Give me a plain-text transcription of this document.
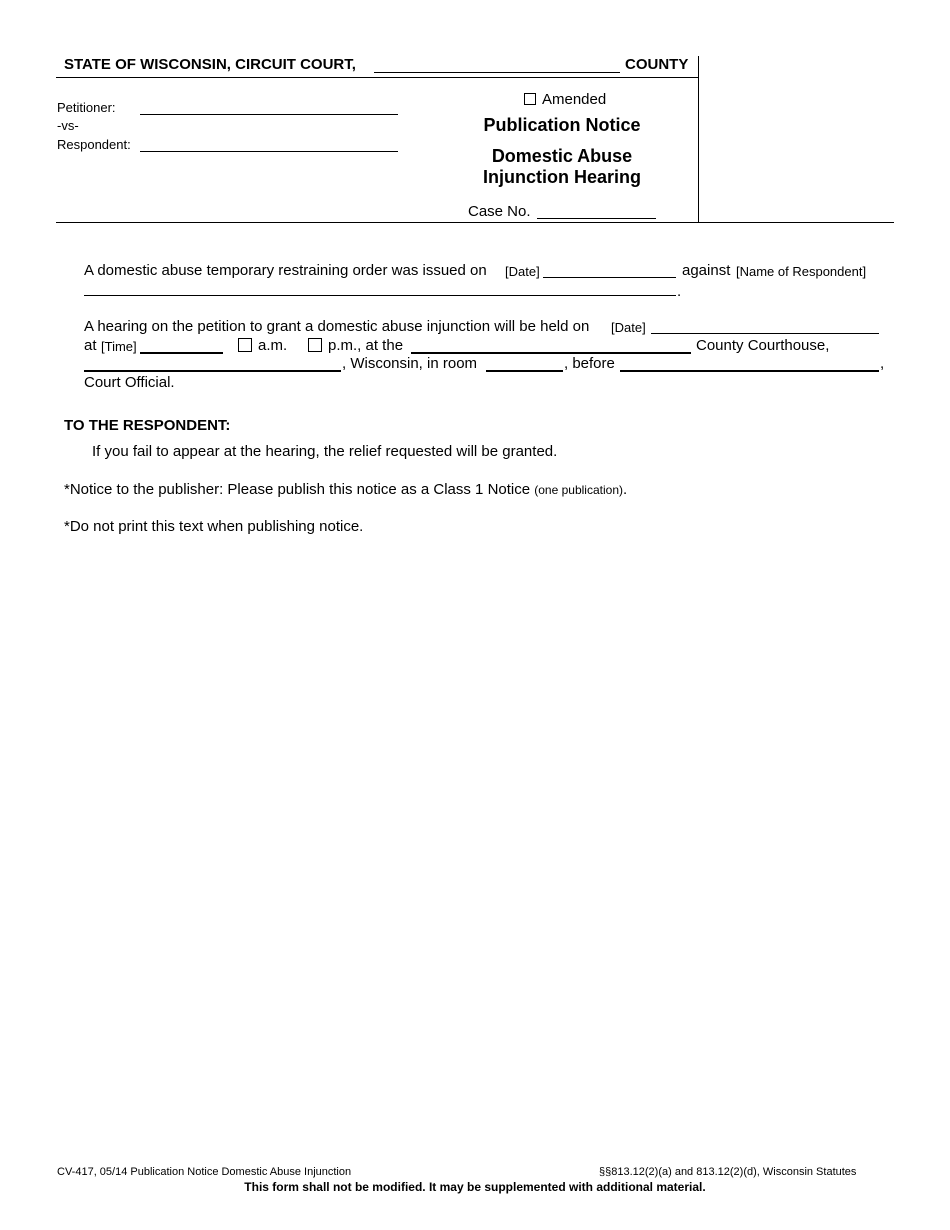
STATE OF WISCONSIN, CIRCUIT COURT,	COUNTY
Petitioner:
-vs-
Respondent:
Amended
Publication Notice
Domestic Abuse
Injunction Hearing
Case No.
A domestic abuse temporary restraining order was issued on [Date]	against [Name of Respondent]
.
A hearing on the petition to grant a domestic abuse injunction will be held on [Date]
at [Time]	a.m.	p.m., at the	County Courthouse,
, Wisconsin, in room	, before	,
Court Official.
TO THE RESPONDENT:
If you fail to appear at the hearing, the relief requested will be granted.
*Notice to the publisher: Please publish this notice as a Class 1 Notice (one publication).
*Do not print this text when publishing notice.
CV-417, 05/14 Publication Notice Domestic Abuse Injunction	§§813.12(2)(a) and 813.12(2)(d), Wisconsin Statutes
This form shall not be modified. It may be supplemented with additional material.
